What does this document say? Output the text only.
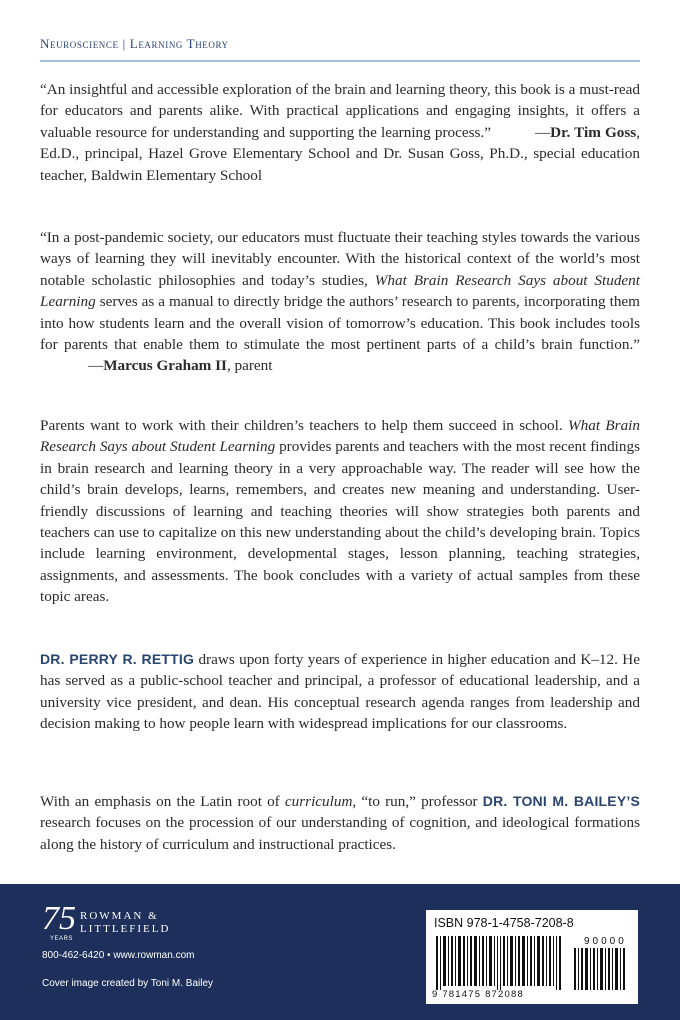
Neuroscience | Learning Theory

“An insightful and accessible exploration of the brain and learning theory, this book is a must-read for educators and parents alike. With practical applications and engaging insights, it offers a valuable resource for understanding and supporting the learning process.”	—Dr. Tim Goss, Ed.D., principal, Hazel Grove Elementary School and Dr. Susan Goss, Ph.D., special education teacher, Baldwin Elementary School

“In a post-pandemic society, our educators must fluctuate their teaching styles towards the various ways of learning they will inevitably encounter. With the historical context of the world’s most notable scholastic philosophies and today’s studies, What Brain Research Says about Student Learning serves as a manual to directly bridge the authors’ research to parents, incorporating them into how students learn and the overall vision of tomorrow’s education. This book includes tools for parents that enable them to stimulate the most pertinent parts of a child’s brain function.”—Marcus Graham II, parent

Parents want to work with their children’s teachers to help them succeed in school. What Brain Research Says about Student Learning provides parents and teachers with the most recent findings in brain research and learning theory in a very approachable way. The reader will see how the child’s brain develops, learns, remembers, and creates new meaning and understanding. User-friendly discussions of learning and teaching theories will show strategies both parents and teachers can use to capitalize on this new understanding about the child’s developing brain. Topics include learning environment, developmental stages, lesson planning, teaching strategies, assignments, and assessments. The book concludes with a variety of actual samples from these topic areas.

DR. PERRY R. RETTIG draws upon forty years of experience in higher education and K–12. He has served as a public-school teacher and principal, a professor of educational leadership, and a university vice president, and dean. His conceptual research agenda ranges from leadership and decision making to how people learn with widespread implications for our classrooms.

With an emphasis on the Latin root of curriculum, “to run,” professor DR. TONI M. BAILEY’S research focuses on the procession of our understanding of cognition, and ideological formations along the history of curriculum and instructional practices.

75
YEARS
ROWMAN &
LITTLEFIELD
800-462-6420 • www.rowman.com
Cover image created by Toni M. Bailey
ISBN 978-1-4758-7208-8
90000
9 781475 872088
